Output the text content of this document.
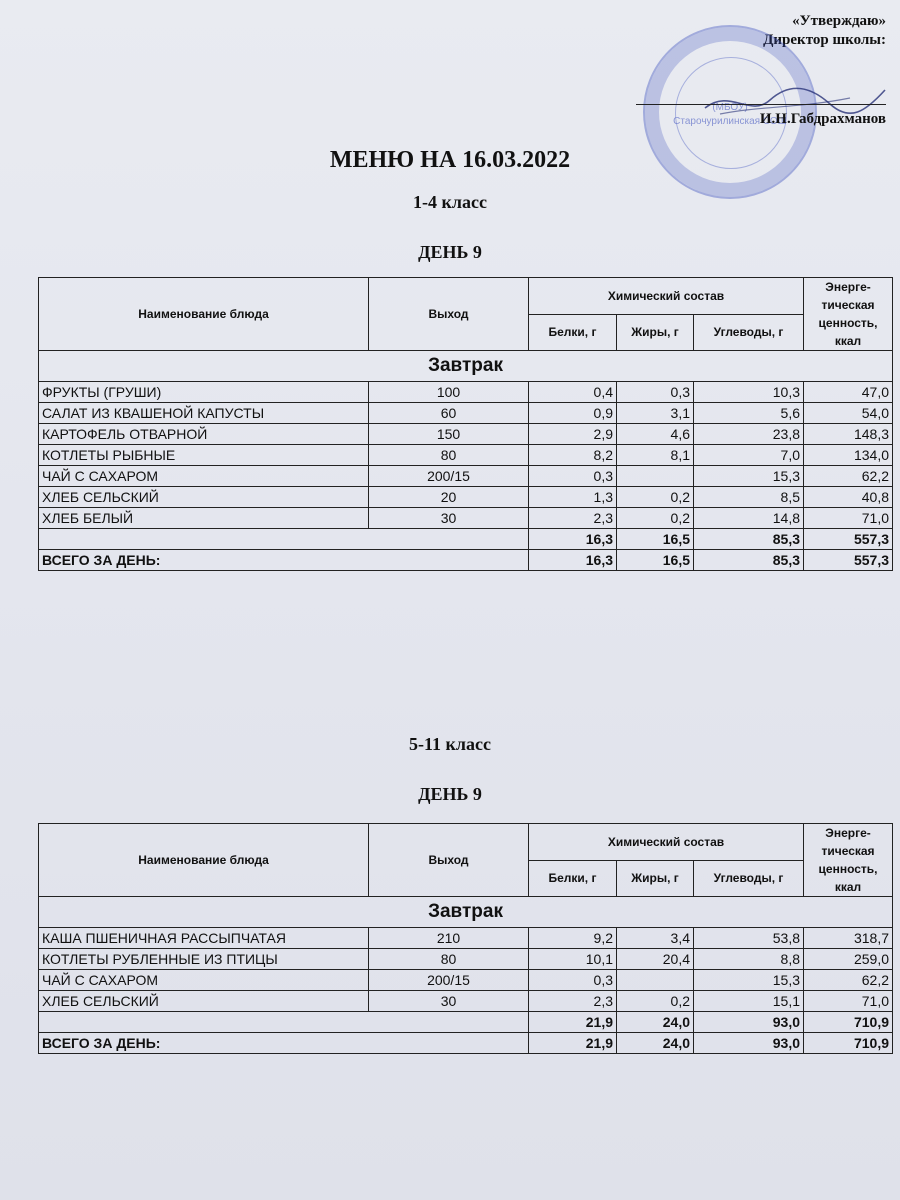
«Утверждаю»
Директор школы:
(МБОУ)
Старочурилинская СОШ
И.Н.Габдрахманов
МЕНЮ НА 16.03.2022
1-4 класс
ДЕНЬ 9
Наименование блюда	Выход	Химический состав			Энерге-тическая ценность, ккал
		Белки, г	Жиры, г	Углеводы, г	
Завтрак					
ФРУКТЫ (ГРУШИ)	100	0,4	0,3	10,3	47,0
САЛАТ ИЗ КВАШЕНОЙ КАПУСТЫ	60	0,9	3,1	5,6	54,0
КАРТОФЕЛЬ ОТВАРНОЙ	150	2,9	4,6	23,8	148,3
КОТЛЕТЫ РЫБНЫЕ	80	8,2	8,1	7,0	134,0
ЧАЙ С САХАРОМ	200/15	0,3		15,3	62,2
ХЛЕБ СЕЛЬСКИЙ	20	1,3	0,2	8,5	40,8
ХЛЕБ БЕЛЫЙ	30	2,3	0,2	14,8	71,0
		16,3	16,5	85,3	557,3
ВСЕГО ЗА ДЕНЬ:		16,3	16,5	85,3	557,3
5-11 класс
ДЕНЬ 9
Наименование блюда	Выход	Химический состав			Энерге-тическая ценность, ккал
		Белки, г	Жиры, г	Углеводы, г	
Завтрак					
КАША ПШЕНИЧНАЯ РАССЫПЧАТАЯ	210	9,2	3,4	53,8	318,7
КОТЛЕТЫ РУБЛЕННЫЕ ИЗ ПТИЦЫ	80	10,1	20,4	8,8	259,0
ЧАЙ С САХАРОМ	200/15	0,3		15,3	62,2
ХЛЕБ СЕЛЬСКИЙ	30	2,3	0,2	15,1	71,0
		21,9	24,0	93,0	710,9
ВСЕГО ЗА ДЕНЬ:		21,9	24,0	93,0	710,9
